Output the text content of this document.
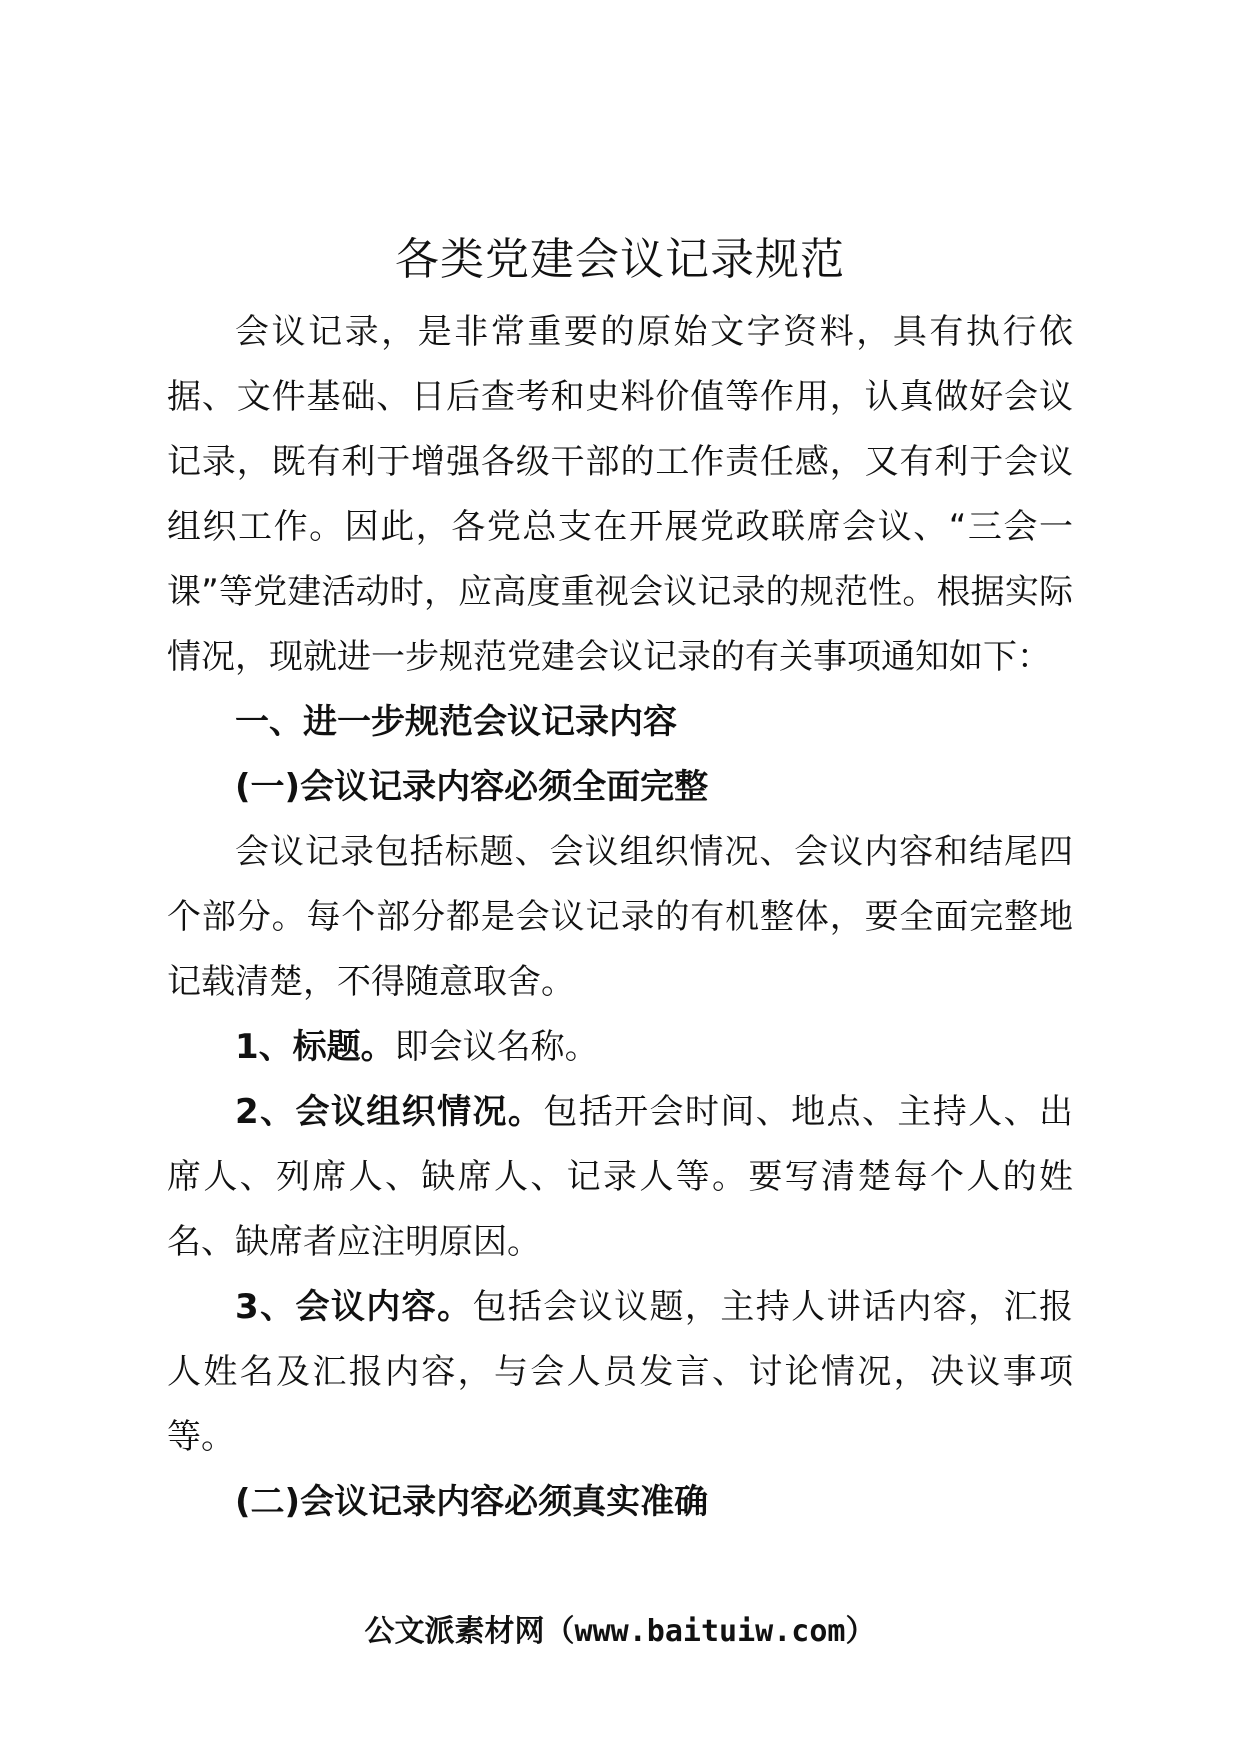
各类党建会议记录规范

会议记录，是非常重要的原始文字资料，具有执行依据、文件基础、日后查考和史料价值等作用，认真做好会议记录，既有利于增强各级干部的工作责任感，又有利于会议组织工作。因此，各党总支在开展党政联席会议、“三会一课”等党建活动时，应高度重视会议记录的规范性。根据实际情况，现就进一步规范党建会议记录的有关事项通知如下：

一、进一步规范会议记录内容

(一)会议记录内容必须全面完整

会议记录包括标题、会议组织情况、会议内容和结尾四个部分。每个部分都是会议记录的有机整体，要全面完整地记载清楚，不得随意取舍。

1、标题。即会议名称。

2、会议组织情况。包括开会时间、地点、主持人、出席人、列席人、缺席人、记录人等。要写清楚每个人的姓名、缺席者应注明原因。

3、会议内容。包括会议议题，主持人讲话内容，汇报人姓名及汇报内容，与会人员发言、讨论情况，决议事项等。

(二)会议记录内容必须真实准确

公文派素材网（www.baituiw.com）
